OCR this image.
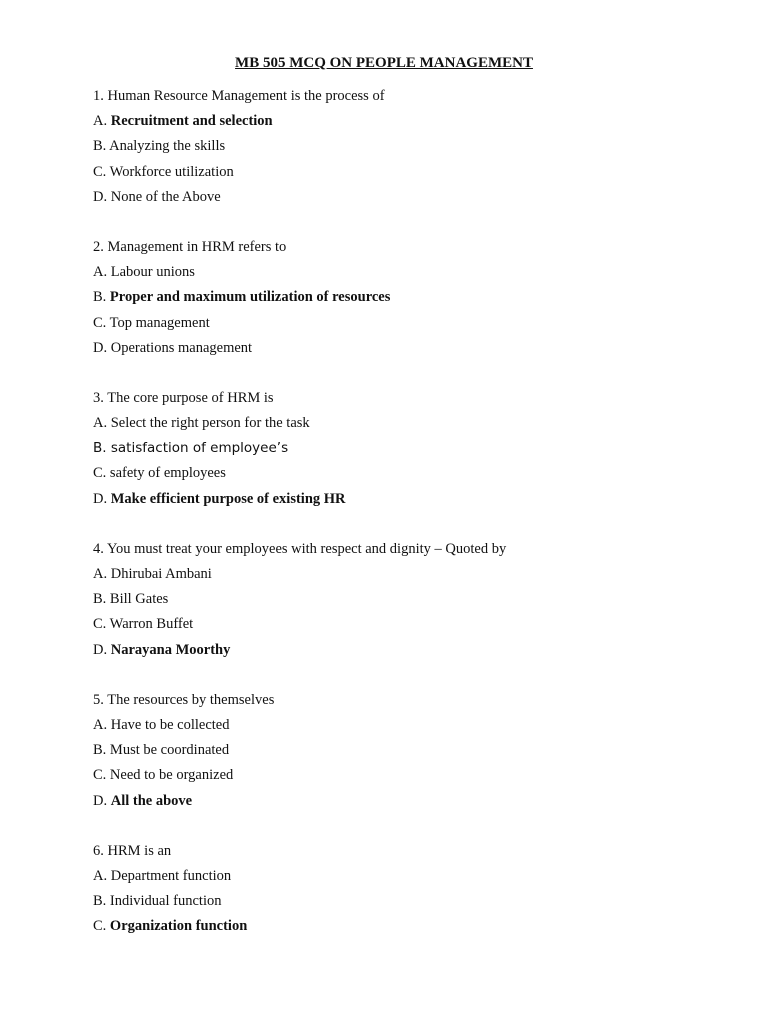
MB 505 MCQ ON PEOPLE MANAGEMENT
1. Human Resource Management is the process of
A. Recruitment and selection
B. Analyzing the skills
C. Workforce utilization
D. None of the Above
2. Management in HRM refers to
A. Labour unions
B. Proper and maximum utilization of resources
C. Top management
D. Operations management
3. The core purpose of HRM is
A. Select the right person for the task
B. satisfaction of employee’s
C. safety of employees
D. Make efficient purpose of existing HR
4. You must treat your employees with respect and dignity – Quoted by
A. Dhirubai Ambani
B. Bill Gates
C. Warron Buffet
D. Narayana Moorthy
5. The resources by themselves
A. Have to be collected
B. Must be coordinated
C. Need to be organized
D. All the above
6. HRM is an
A. Department function
B. Individual function
C. Organization function
